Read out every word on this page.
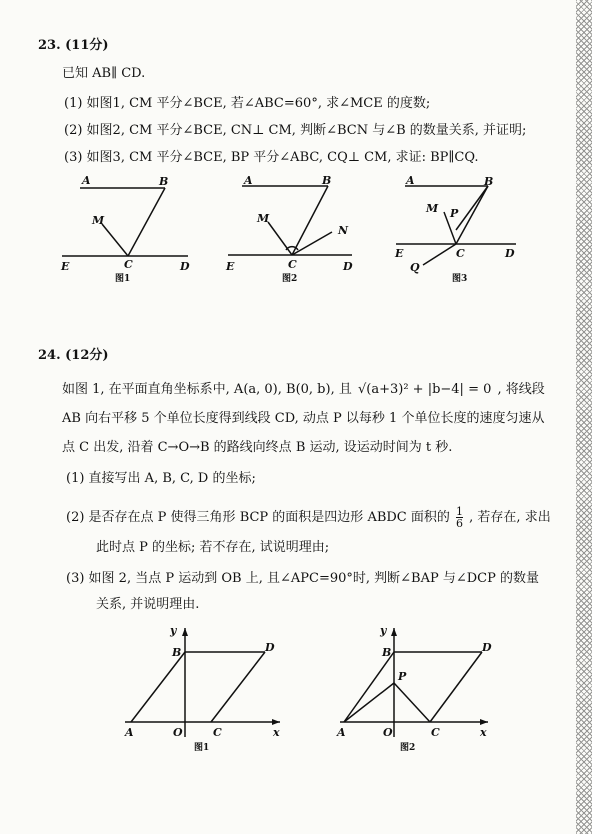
23. (11分)
已知 AB∥ CD.
(1) 如图1, CM 平分∠BCE, 若∠ABC=60°, 求∠MCE 的度数;
(2) 如图2, CM 平分∠BCE, CN⊥ CM, 判断∠BCN 与∠B 的数量关系, 并证明;
(3) 如图3, CM 平分∠BCE, BP 平分∠ABC, CQ⊥ CM, 求证: BP∥CQ.
24. (12分)
如图 1, 在平面直角坐标系中, A(a, 0), B(0, b), 且 √(a+3)² + |b−4| = 0 , 将线段
AB 向右平移 5 个单位长度得到线段 CD, 动点 P 以每秒 1 个单位长度的速度匀速从
点 C 出发, 沿着 C→O→B 的路线向终点 B 运动, 设运动时间为 t 秒.
(1) 直接写出 A, B, C, D 的坐标;
(2) 是否存在点 P 使得三角形 BCP 的面积是四边形 ABDC 面积的 $\frac{1}{6}$ , 若存在, 求出
此时点 P 的坐标; 若不存在, 试说明理由;
(3) 如图 2, 当点 P 运动到 OB 上, 且∠APC=90°时, 判断∠BAP 与∠DCP 的数量
关系, 并说明理由.
A	B
M
E	C	D
图1
A	B
M
N
E	C	D
图2
A	B
M P
E	C	D
Q
图3
y
B	D
A	O	C	x
图1
y
B	D
P
A	O	C	x
图2
